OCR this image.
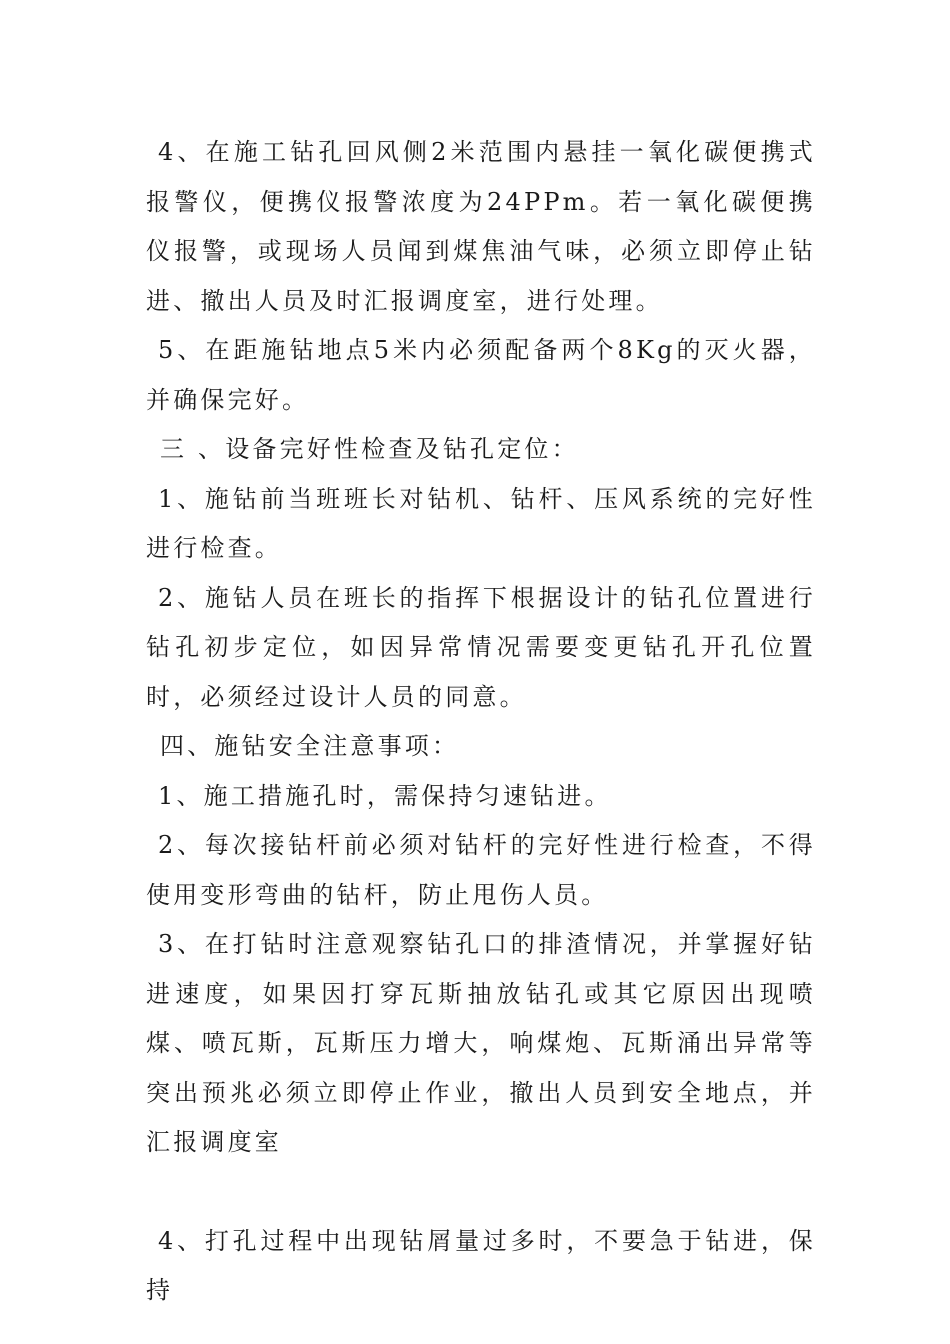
4、在施工钻孔回风侧2米范围内悬挂一氧化碳便携式报警仪，便携仪报警浓度为24PPm。若一氧化碳便携仪报警，或现场人员闻到煤焦油气味，必须立即停止钻进、撤出人员及时汇报调度室，进行处理。

5、在距施钻地点5米内必须配备两个8Kg的灭火器，并确保完好。

三 、设备完好性检查及钻孔定位：

1、施钻前当班班长对钻机、钻杆、压风系统的完好性进行检查。

2、施钻人员在班长的指挥下根据设计的钻孔位置进行钻孔初步定位，如因异常情况需要变更钻孔开孔位置时，必须经过设计人员的同意。

四、施钻安全注意事项：

1、施工措施孔时，需保持匀速钻进。

2、每次接钻杆前必须对钻杆的完好性进行检查，不得使用变形弯曲的钻杆，防止甩伤人员。

3、在打钻时注意观察钻孔口的排渣情况，并掌握好钻进速度，如果因打穿瓦斯抽放钻孔或其它原因出现喷煤、喷瓦斯，瓦斯压力增大，响煤炮、瓦斯涌出异常等突出预兆必须立即停止作业，撤出人员到安全地点，并汇报调度室

4、打孔过程中出现钻屑量过多时，不要急于钻进，保持
